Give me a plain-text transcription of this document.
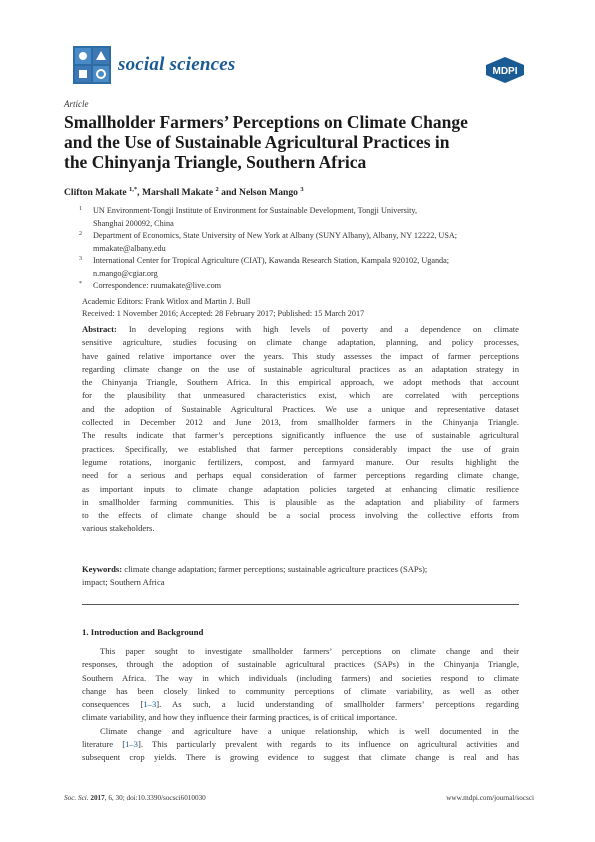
social sciences	MDPI
Article
Smallholder Farmers’ Perceptions on Climate Change
and the Use of Sustainable Agricultural Practices in
the Chinyanja Triangle, Southern Africa
Clifton Makate $^{1,*}$, Marshall Makate $^2$ and Nelson Mango $^3$
1 UN Environment-Tongji Institute of Environment for Sustainable Development, Tongji University,
Shanghai 200092, China
2 Department of Economics, State University of New York at Albany (SUNY Albany), Albany, NY 12222, USA;
mmakate@albany.edu
3 International Center for Tropical Agriculture (CIAT), Kawanda Research Station, Kampala 920102, Uganda;
n.mango@cgiar.org
* Correspondence: ruumakate@live.com
Academic Editors: Frank Witlox and Martin J. Bull
Received: 1 November 2016; Accepted: 28 February 2017; Published: 15 March 2017
Abstract: In developing regions with high levels of poverty and a dependence on climate
sensitive agriculture, studies focusing on climate change adaptation, planning, and policy processes,
have gained relative importance over the years. This study assesses the impact of farmer perceptions
regarding climate change on the use of sustainable agricultural practices as an adaptation strategy in
the Chinyanja Triangle, Southern Africa. In this empirical approach, we adopt methods that account
for the plausibility that unmeasured characteristics exist, which are correlated with perceptions
and the adoption of Sustainable Agricultural Practices. We use a unique and representative dataset
collected in December 2012 and June 2013, from smallholder farmers in the Chinyanja Triangle.
The results indicate that farmer’s perceptions significantly influence the use of sustainable agricultural
practices. Specifically, we established that farmer perceptions considerably impact the use of grain
legume rotations, inorganic fertilizers, compost, and farmyard manure. Our results highlight the
need for a serious and perhaps equal consideration of farmer perceptions regarding climate change,
as important inputs to climate change adaptation policies targeted at enhancing climatic resilience
in smallholder farming communities. This is plausible as the adaptation and pliability of farmers
to the effects of climate change should be a social process involving the collective efforts from
various stakeholders.
Keywords: climate change adaptation; farmer perceptions; sustainable agriculture practices (SAPs);
impact; Southern Africa
1. Introduction and Background
This paper sought to investigate smallholder farmers’ perceptions on climate change and their
responses, through the adoption of sustainable agricultural practices (SAPs) in the Chinyanja Triangle,
Southern Africa. The way in which individuals (including farmers) and societies respond to climate
change has been closely linked to community perceptions of climate variability, as well as other
consequences [1–3]. As such, a lucid understanding of smallholder farmers’ perceptions regarding
climate variability, and how they influence their farming practices, is of critical importance.
Climate change and agriculture have a unique relationship, which is well documented in the
literature [1–3]. This particularly prevalent with regards to its influence on agricultural activities and
subsequent crop yields. There is growing evidence to suggest that climate change is real and has
Soc. Sci. 2017, 6, 30; doi:10.3390/socsci6010030	www.mdpi.com/journal/socsci
